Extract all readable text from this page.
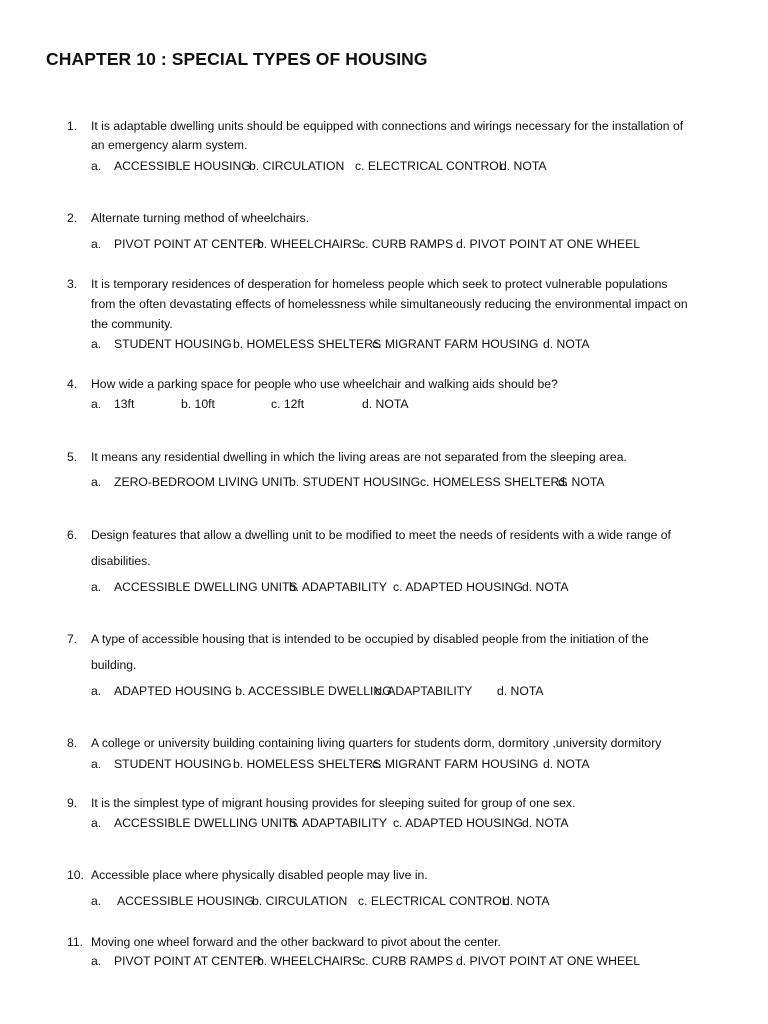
CHAPTER 10 : SPECIAL TYPES OF HOUSING
1. It is adaptable dwelling units should be equipped with connections and wirings necessary for the installation of
an emergency alarm system.
a. ACCESSIBLE HOUSING
b. CIRCULATION c. ELECTRICAL CONTROL
d. NOTA
2. Alternate turning method of wheelchairs.
a. PIVOT POINT AT CENTER
b. WHEELCHAIRS c. CURB RAMPS d. PIVOT POINT AT ONE WHEEL
3. It is temporary residences of desperation for homeless people which seek to protect vulnerable populations
from the often devastating effects of homelessness while simultaneously reducing the environmental impact on
the community.
a. STUDENT HOUSING b. HOMELESS SHELTERS
c. MIGRANT FARM HOUSING d. NOTA
4. How wide a parking space for people who use wheelchair and walking aids should be?
a. 13ft	b. 10ft	c. 12ft	d. NOTA
5. It means any residential dwelling in which the living areas are not separated from the sleeping area.
a. ZERO-BEDROOM LIVING UNIT
b. STUDENT HOUSING c. HOMELESS SHELTERS
d. NOTA
6. Design features that allow a dwelling unit to be modified to meet the needs of residents with a wide range of
disabilities.
a. ACCESSIBLE DWELLING UNITS
b. ADAPTABILITY c. ADAPTED HOUSING
d. NOTA
7. A type of accessible housing that is intended to be occupied by disabled people from the initiation of the
building.
a. ADAPTED HOUSING b. ACCESSIBLE DWELLING
c. ADAPTABILITY d. NOTA
8. A college or university building containing living quarters for students dorm, dormitory ,university dormitory
a. STUDENT HOUSING b. HOMELESS SHELTERS
c. MIGRANT FARM HOUSING d. NOTA
9. It is the simplest type of migrant housing provides for sleeping suited for group of one sex.
a. ACCESSIBLE DWELLING UNITS
b. ADAPTABILITY c. ADAPTED HOUSING
d. NOTA
10. Accessible place where physically disabled people may live in.
a. ACCESSIBLE HOUSING
b. CIRCULATION c. ELECTRICAL CONTROL
d. NOTA
11. Moving one wheel forward and the other backward to pivot about the center.
a. PIVOT POINT AT CENTER
b. WHEELCHAIRS c. CURB RAMPS d. PIVOT POINT AT ONE WHEEL
